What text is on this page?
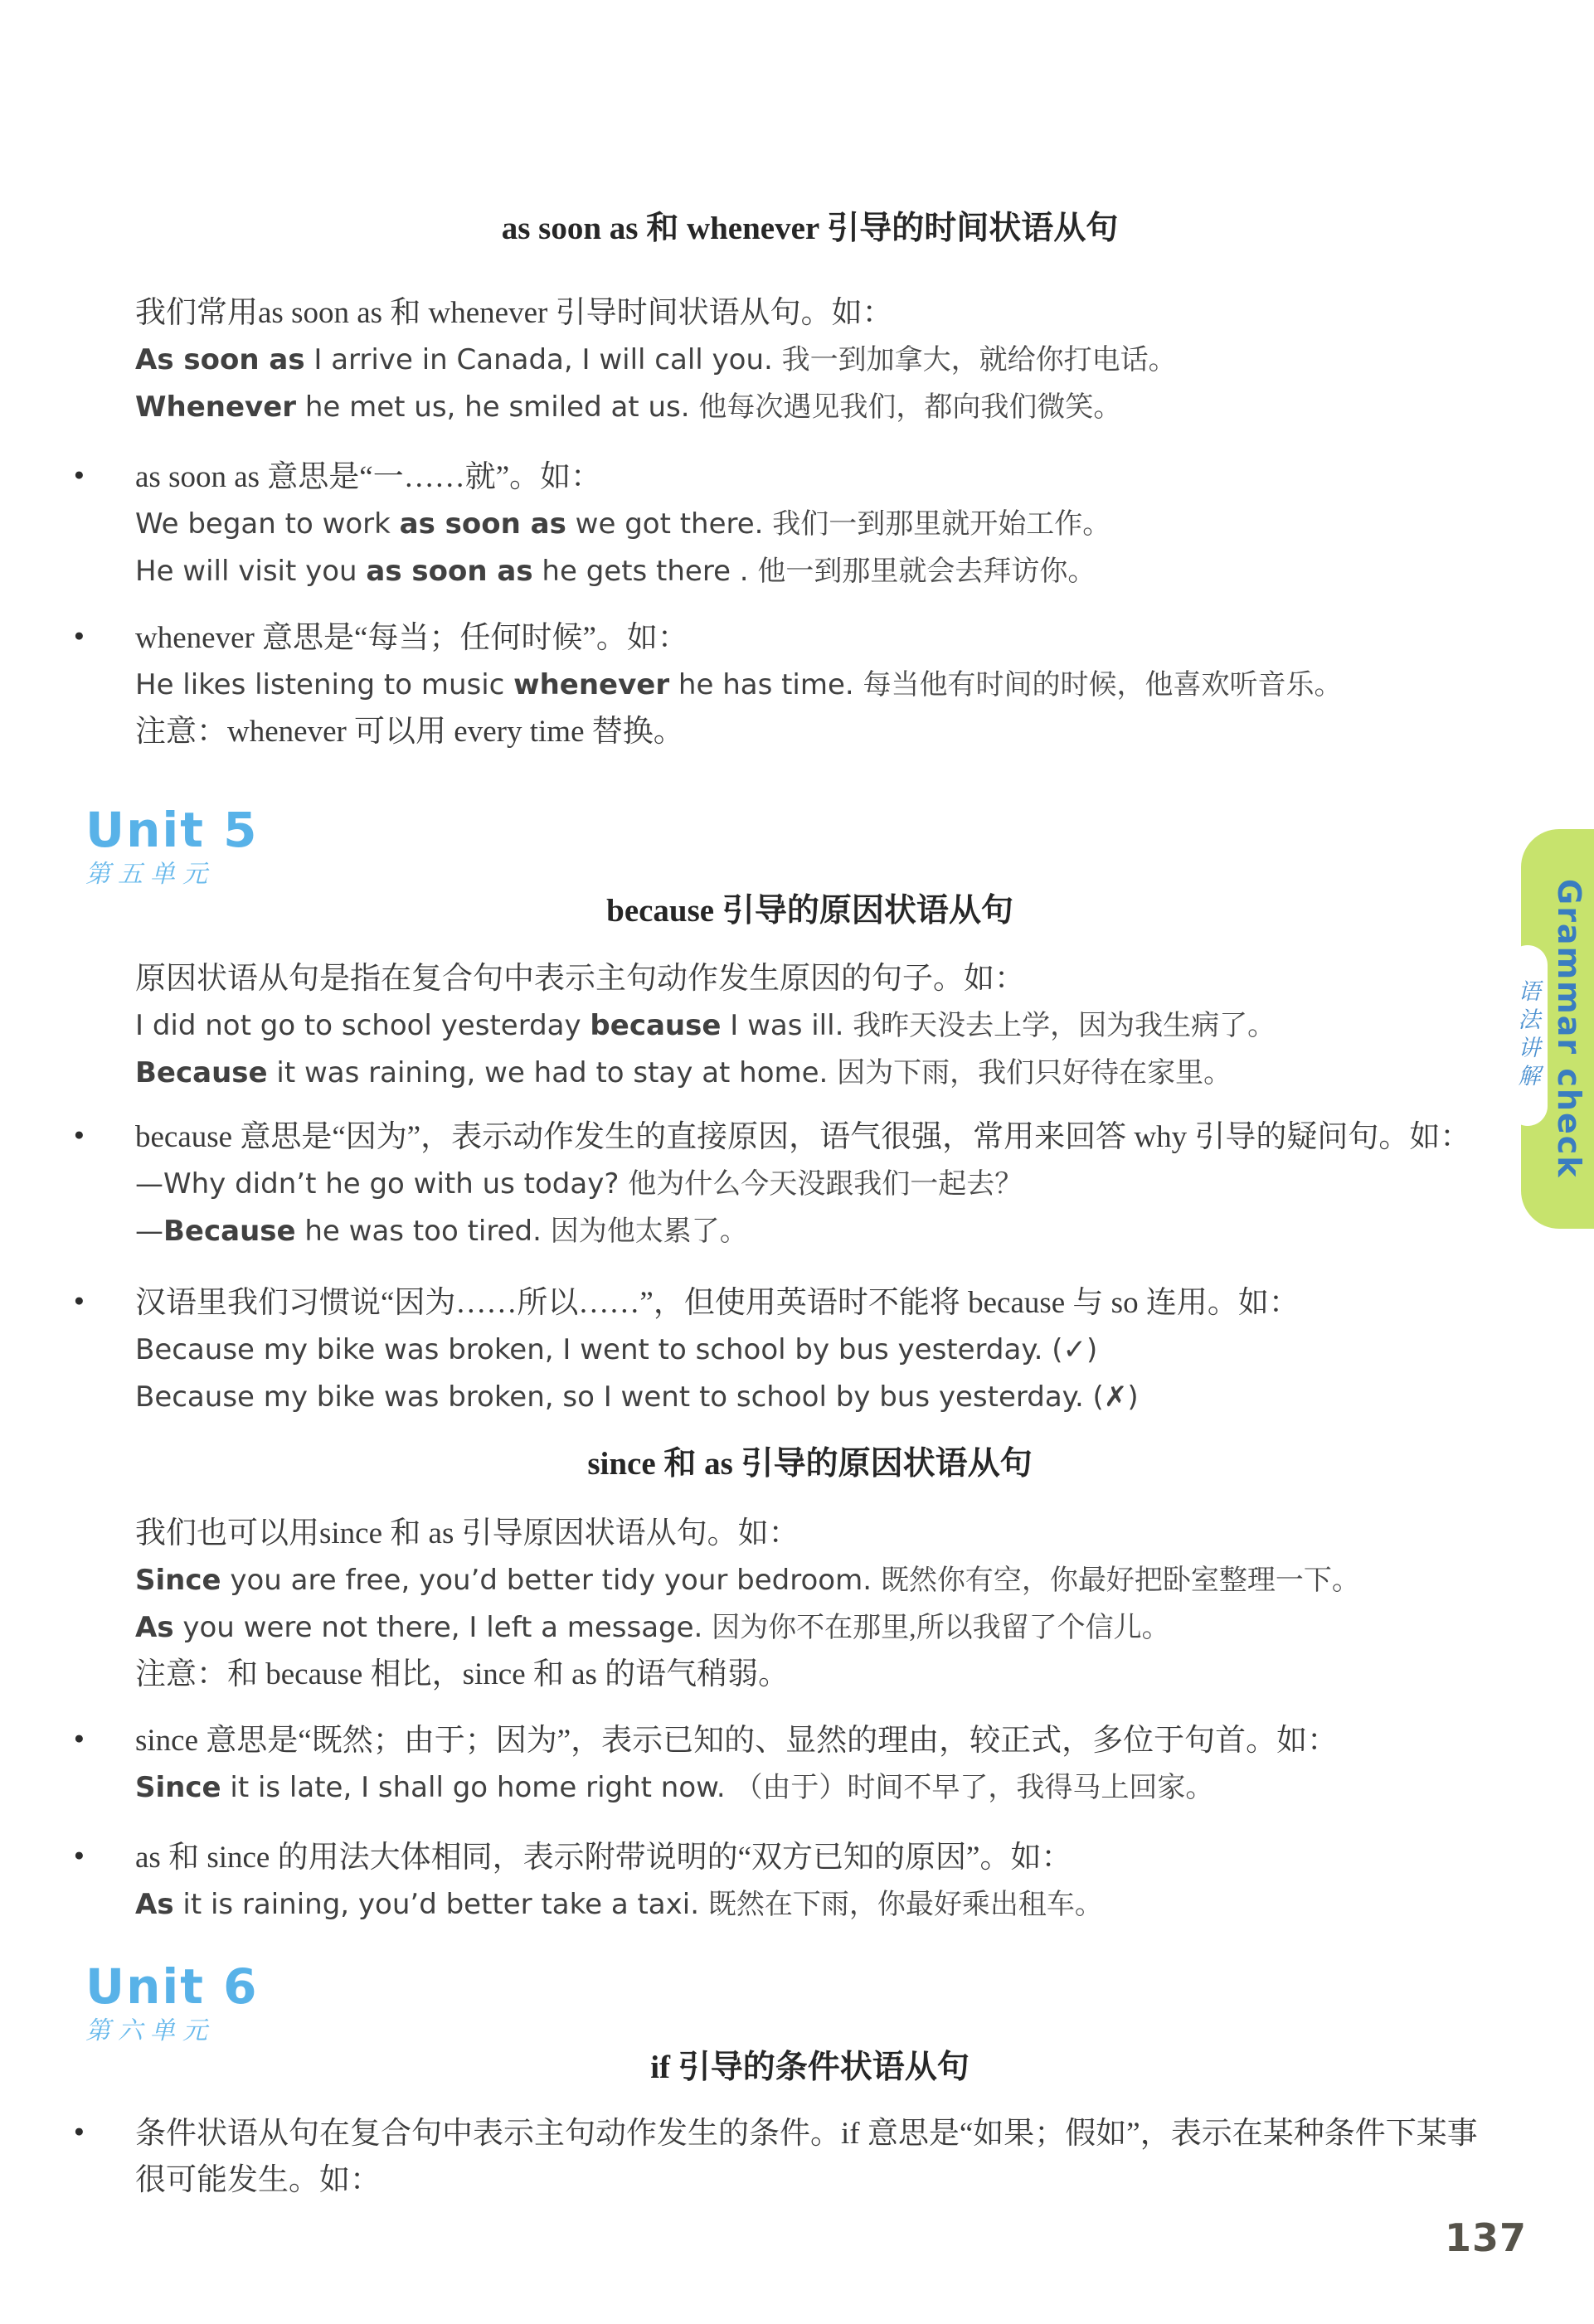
as soon as 和 whenever 引导的时间状语从句

我们常用as soon as 和 whenever 引导时间状语从句。如：

As soon as I arrive in Canada, I will call you. 我一到加拿大，就给你打电话。

Whenever he met us, he smiled at us. 他每次遇见我们，都向我们微笑。

● as soon as 意思是“一……就”。如：

We began to work as soon as we got there. 我们一到那里就开始工作。

He will visit you as soon as he gets there . 他一到那里就会去拜访你。

● whenever 意思是“每当；任何时候”。如：

He likes listening to music whenever he has time. 每当他有时间的时候，他喜欢听音乐。

注意：whenever 可以用 every time 替换。

Unit 5

第五单元

because 引导的原因状语从句

原因状语从句是指在复合句中表示主句动作发生原因的句子。如：

I did not go to school yesterday because I was ill. 我昨天没去上学，因为我生病了。

Because it was raining, we had to stay at home. 因为下雨，我们只好待在家里。

● because 意思是“因为”，表示动作发生的直接原因，语气很强，常用来回答 why 引导的疑问句。如：

—Why didn’t he go with us today? 他为什么今天没跟我们一起去？

—Because he was too tired. 因为他太累了。

● 汉语里我们习惯说“因为……所以……”，但使用英语时不能将 because 与 so 连用。如：

Because my bike was broken, I went to school by bus yesterday. (✓)

Because my bike was broken, so I went to school by bus yesterday. (✗)

since 和 as 引导的原因状语从句

我们也可以用since 和 as 引导原因状语从句。如：

Since you are free, you’d better tidy your bedroom. 既然你有空，你最好把卧室整理一下。

As you were not there, I left a message. 因为你不在那里,所以我留了个信儿。

注意：和 because 相比，since 和 as 的语气稍弱。

● since 意思是“既然；由于；因为”，表示已知的、显然的理由，较正式，多位于句首。如：

Since it is late, I shall go home right now. （由于）时间不早了，我得马上回家。

● as 和 since 的用法大体相同，表示附带说明的“双方已知的原因”。如：

As it is raining, you’d better take a taxi. 既然在下雨，你最好乘出租车。

Unit 6

第六单元

if 引导的条件状语从句

● 条件状语从句在复合句中表示主句动作发生的条件。if 意思是“如果；假如”，表示在某种条件下某事很可能发生。如：

Grammar check
语法讲解
137
